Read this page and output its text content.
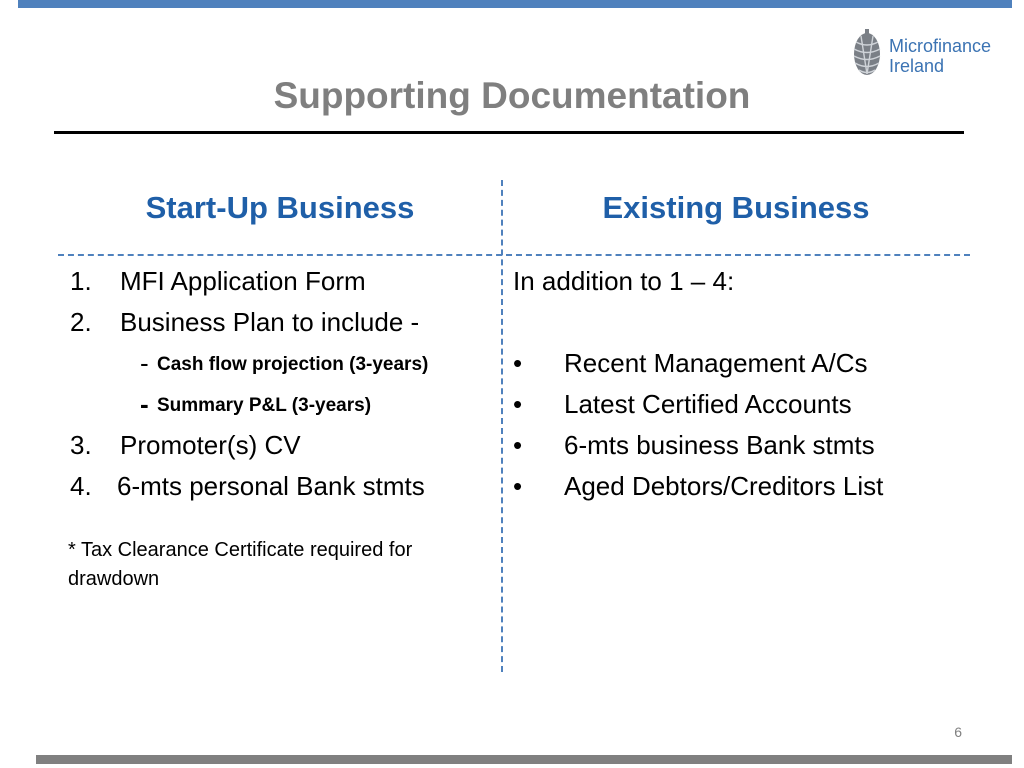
Microfinance
Ireland
Supporting Documentation
Start-Up Business	Existing Business
1. MFI Application Form
2. Business Plan to include -
- Cash flow projection (3-years)
- Summary P&L (3-years)
3. Promoter(s) CV
4. 6-mts personal Bank stmts
* Tax Clearance Certificate required for drawdown
In addition to 1 – 4:
• Recent Management A/Cs
• Latest Certified Accounts
• 6-mts business Bank stmts
• Aged Debtors/Creditors List
6
